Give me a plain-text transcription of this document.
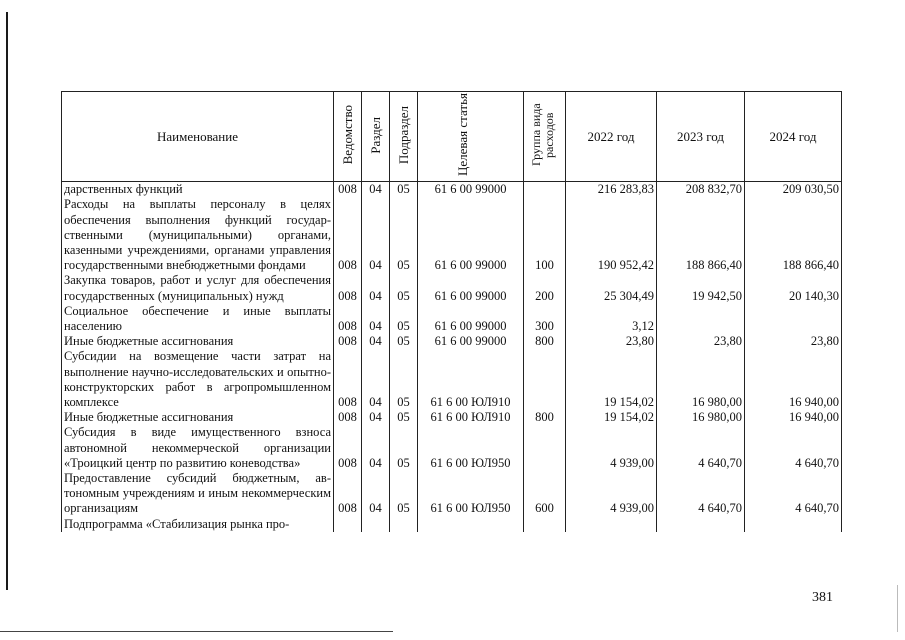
Наименование	Ведомство	Раздел	Подраздел	Целевая статья	Группа вида расходов	2022 год	2023 год	2024 год
дарственных функций	008	04	05	61 6 00 99000		216 283,83	208 832,70	209 030,50
Расходы на выплаты персоналу в целях обеспечения выполнения функций государственными (муниципальными) органами, казенными учреждениями, органами управления государственными внебюджетными фондами	008	04	05	61 6 00 99000	100	190 952,42	188 866,40	188 866,40
Закупка товаров, работ и услуг для обеспечения государственных (муниципальных) нужд	008	04	05	61 6 00 99000	200	25 304,49	19 942,50	20 140,30
Социальное обеспечение и иные выплаты населению	008	04	05	61 6 00 99000	300	3,12		
Иные бюджетные ассигнования	008	04	05	61 6 00 99000	800	23,80	23,80	23,80
Субсидии на возмещение части затрат на выполнение научно-исследовательских и опытно-конструкторских работ в агропромышленном комплексе	008	04	05	61 6 00 ЮЛ910		19 154,02	16 980,00	16 940,00
Иные бюджетные ассигнования	008	04	05	61 6 00 ЮЛ910	800	19 154,02	16 980,00	16 940,00
Субсидия в виде имущественного взноса автономной некоммерческой организации «Троицкий центр по развитию коневодства»	008	04	05	61 6 00 ЮЛ950		4 939,00	4 640,70	4 640,70
Предоставление субсидий бюджетным, автономным учреждениям и иным некоммерческим организациям	008	04	05	61 6 00 ЮЛ950	600	4 939,00	4 640,70	4 640,70
Подпрограмма «Стабилизация рынка про-								
381
